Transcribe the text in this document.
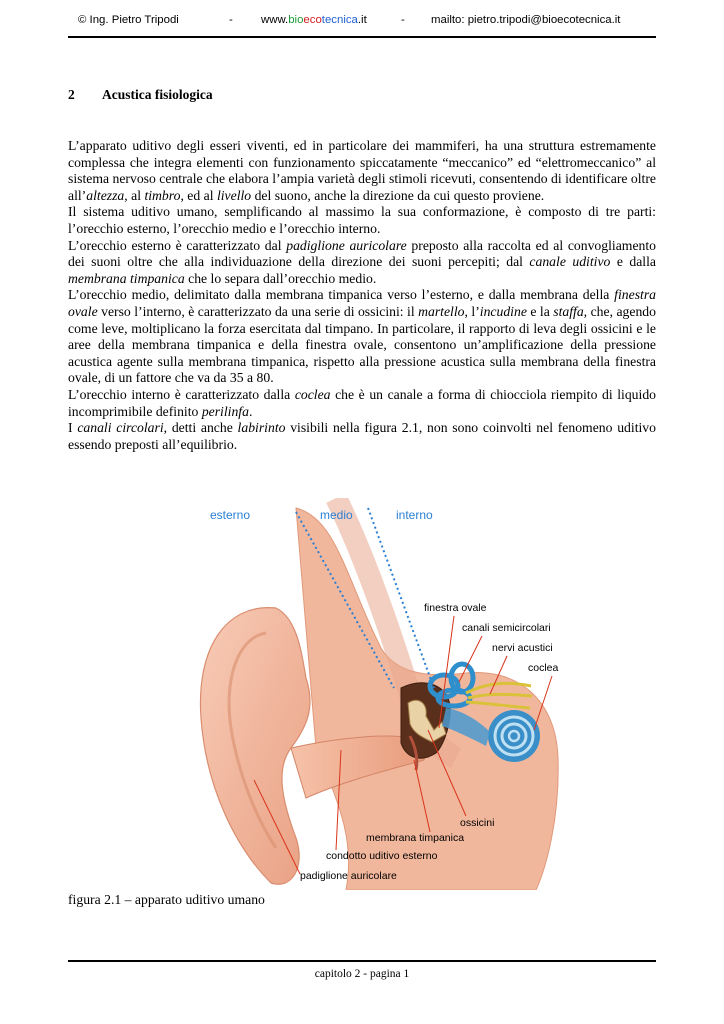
© Ing. Pietro Tripodi	- www.bioecotecnica.it	- mailto: pietro.tripodi@bioecotecnica.it
2 Acustica fisiologica

L’apparato uditivo degli esseri viventi, ed in particolare dei mammiferi, ha una struttura estremamente complessa che integra elementi con funzionamento spiccatamente “meccanico” ed “elettromeccanico” al sistema nervoso centrale che elabora l’ampia varietà degli stimoli ricevuti, consentendo di identificare oltre all’altezza, al timbro, ed al livello del suono, anche la direzione da cui questo proviene.

Il sistema uditivo umano, semplificando al massimo la sua conformazione, è composto di tre parti: l’orecchio esterno, l’orecchio medio e l’orecchio interno.

L’orecchio esterno è caratterizzato dal padiglione auricolare preposto alla raccolta ed al convogliamento dei suoni oltre che alla individuazione della direzione dei suoni percepiti; dal canale uditivo e dalla membrana timpanica che lo separa dall’orecchio medio.

L’orecchio medio, delimitato dalla membrana timpanica verso l’esterno, e dalla membrana della finestra ovale verso l’interno, è caratterizzato da una serie di ossicini: il martello, l’incudine e la staffa, che, agendo come leve, moltiplicano la forza esercitata dal timpano. In particolare, il rapporto di leva degli ossicini e le aree della membrana timpanica e della finestra ovale, consentono un’amplificazione della pressione acustica agente sulla membrana timpanica, rispetto alla pressione acustica sulla membrana della finestra ovale, di un fattore che va da 35 a 80.

L’orecchio interno è caratterizzato dalla coclea che è un canale a forma di chiocciola riempito di liquido incomprimibile definito perilinfa.

I canali circolari, detti anche labirinto visibili nella figura 2.1, non sono coinvolti nel fenomeno uditivo essendo preposti all’equilibrio.

esterno	medio	interno
finestra ovale
canali semicircolari
nervi acustici
coclea
ossicini
membrana timpanica
condotto uditivo esterno
padiglione auricolare
figura 2.1 – apparato uditivo umano
capitolo 2 - pagina 1
